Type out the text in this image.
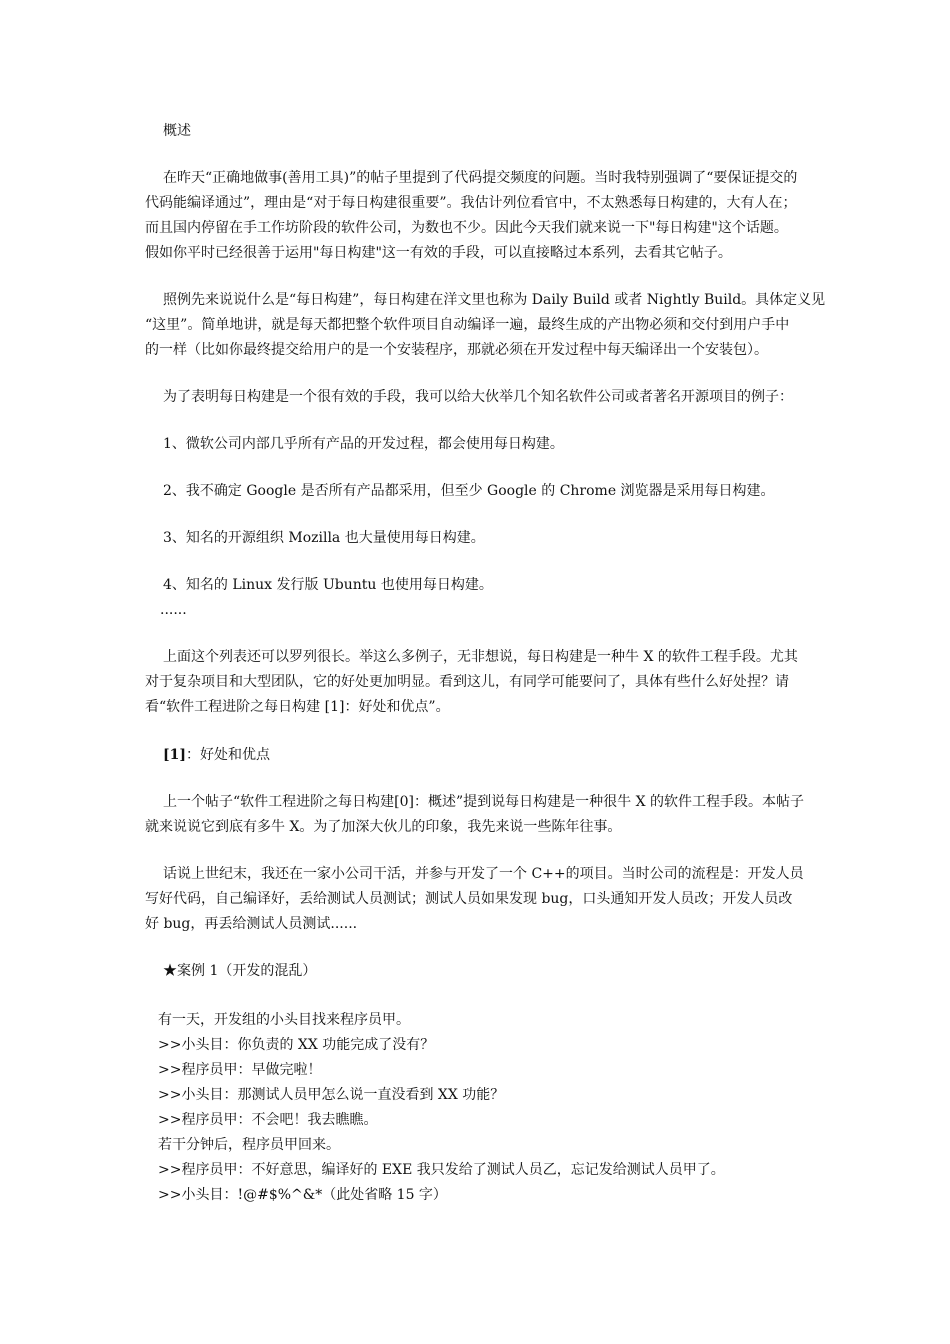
概述

在昨天“正确地做事(善用工具)”的帖子里提到了代码提交频度的问题。当时我特别强调了“要保证提交的

代码能编译通过”，理由是“对于每日构建很重要”。我估计列位看官中，不太熟悉每日构建的，大有人在；

而且国内停留在手工作坊阶段的软件公司，为数也不少。因此今天我们就来说一下"每日构建"这个话题。

假如你平时已经很善于运用"每日构建"这一有效的手段，可以直接略过本系列，去看其它帖子。

照例先来说说什么是“每日构建”，每日构建在洋文里也称为 Daily Build 或者 Nightly Build。具体定义见

“这里”。简单地讲，就是每天都把整个软件项目自动编译一遍，最终生成的产出物必须和交付到用户手中

的一样（比如你最终提交给用户的是一个安装程序，那就必须在开发过程中每天编译出一个安装包）。

为了表明每日构建是一个很有效的手段，我可以给大伙举几个知名软件公司或者著名开源项目的例子：

1、微软公司内部几乎所有产品的开发过程，都会使用每日构建。

2、我不确定 Google 是否所有产品都采用，但至少 Google 的 Chrome 浏览器是采用每日构建。

3、知名的开源组织 Mozilla 也大量使用每日构建。

4、知名的 Linux 发行版 Ubuntu 也使用每日构建。

......

上面这个列表还可以罗列很长。举这么多例子，无非想说，每日构建是一种牛 X 的软件工程手段。尤其

对于复杂项目和大型团队，它的好处更加明显。看到这儿，有同学可能要问了，具体有些什么好处捏？请

看“软件工程进阶之每日构建 [1]：好处和优点”。

[1]：好处和优点

上一个帖子“软件工程进阶之每日构建[0]：概述”提到说每日构建是一种很牛 X 的软件工程手段。本帖子

就来说说它到底有多牛 X。为了加深大伙儿的印象，我先来说一些陈年往事。

话说上世纪末，我还在一家小公司干活，并参与开发了一个 C++的项目。当时公司的流程是：开发人员

写好代码，自己编译好，丢给测试人员测试；测试人员如果发现 bug，口头通知开发人员改；开发人员改

好 bug，再丢给测试人员测试......

★案例 1（开发的混乱）

有一天，开发组的小头目找来程序员甲。

>>小头目：你负责的 XX 功能完成了没有？

>>程序员甲：早做完啦！

>>小头目：那测试人员甲怎么说一直没看到 XX 功能？

>>程序员甲：不会吧！我去瞧瞧。

若干分钟后，程序员甲回来。

>>程序员甲：不好意思，编译好的 EXE 我只发给了测试人员乙，忘记发给测试人员甲了。

>>小头目：!@#$%^&*（此处省略 15 字）
